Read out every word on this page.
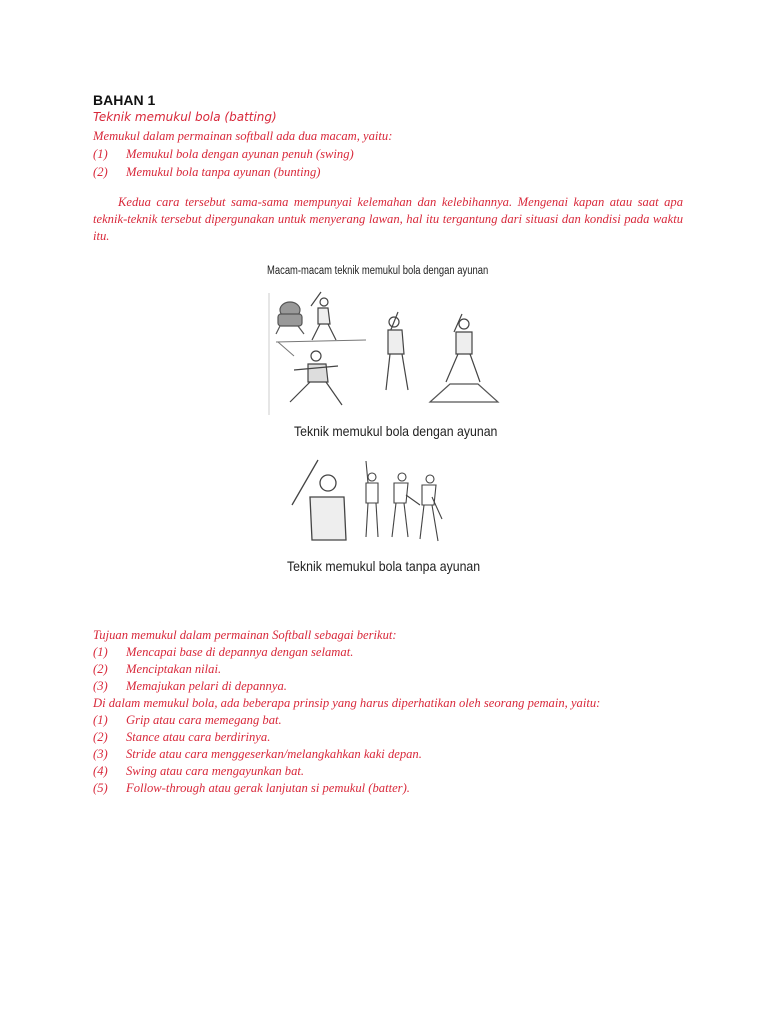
BAHAN 1

Teknik memukul bola (batting)

Memukul dalam permainan softball ada dua macam, yaitu:

(1) Memukul bola dengan ayunan penuh (swing)
(2) Memukul bola tanpa ayunan (bunting)

Kedua cara tersebut sama-sama mempunyai kelemahan dan kelebihannya. Mengenai kapan atau saat apa teknik-teknik tersebut dipergunakan untuk menyerang lawan, hal itu tergantung dari situasi dan kondisi pada waktu itu.

Macam-macam teknik memukul bola dengan ayunan
Teknik memukul bola dengan ayunan
Teknik memukul bola tanpa ayunan

Tujuan memukul dalam permainan Softball sebagai berikut:

(1) Mencapai base di depannya dengan selamat.
(2) Menciptakan nilai.
(3) Memajukan pelari di depannya.

Di dalam memukul bola, ada beberapa prinsip yang harus diperhatikan oleh seorang pemain, yaitu:

(1) Grip atau cara memegang bat.
(2) Stance atau cara berdirinya.
(3) Stride atau cara menggeserkan/melangkahkan kaki depan.
(4) Swing atau cara mengayunkan bat.
(5) Follow-through atau gerak lanjutan si pemukul (batter).
